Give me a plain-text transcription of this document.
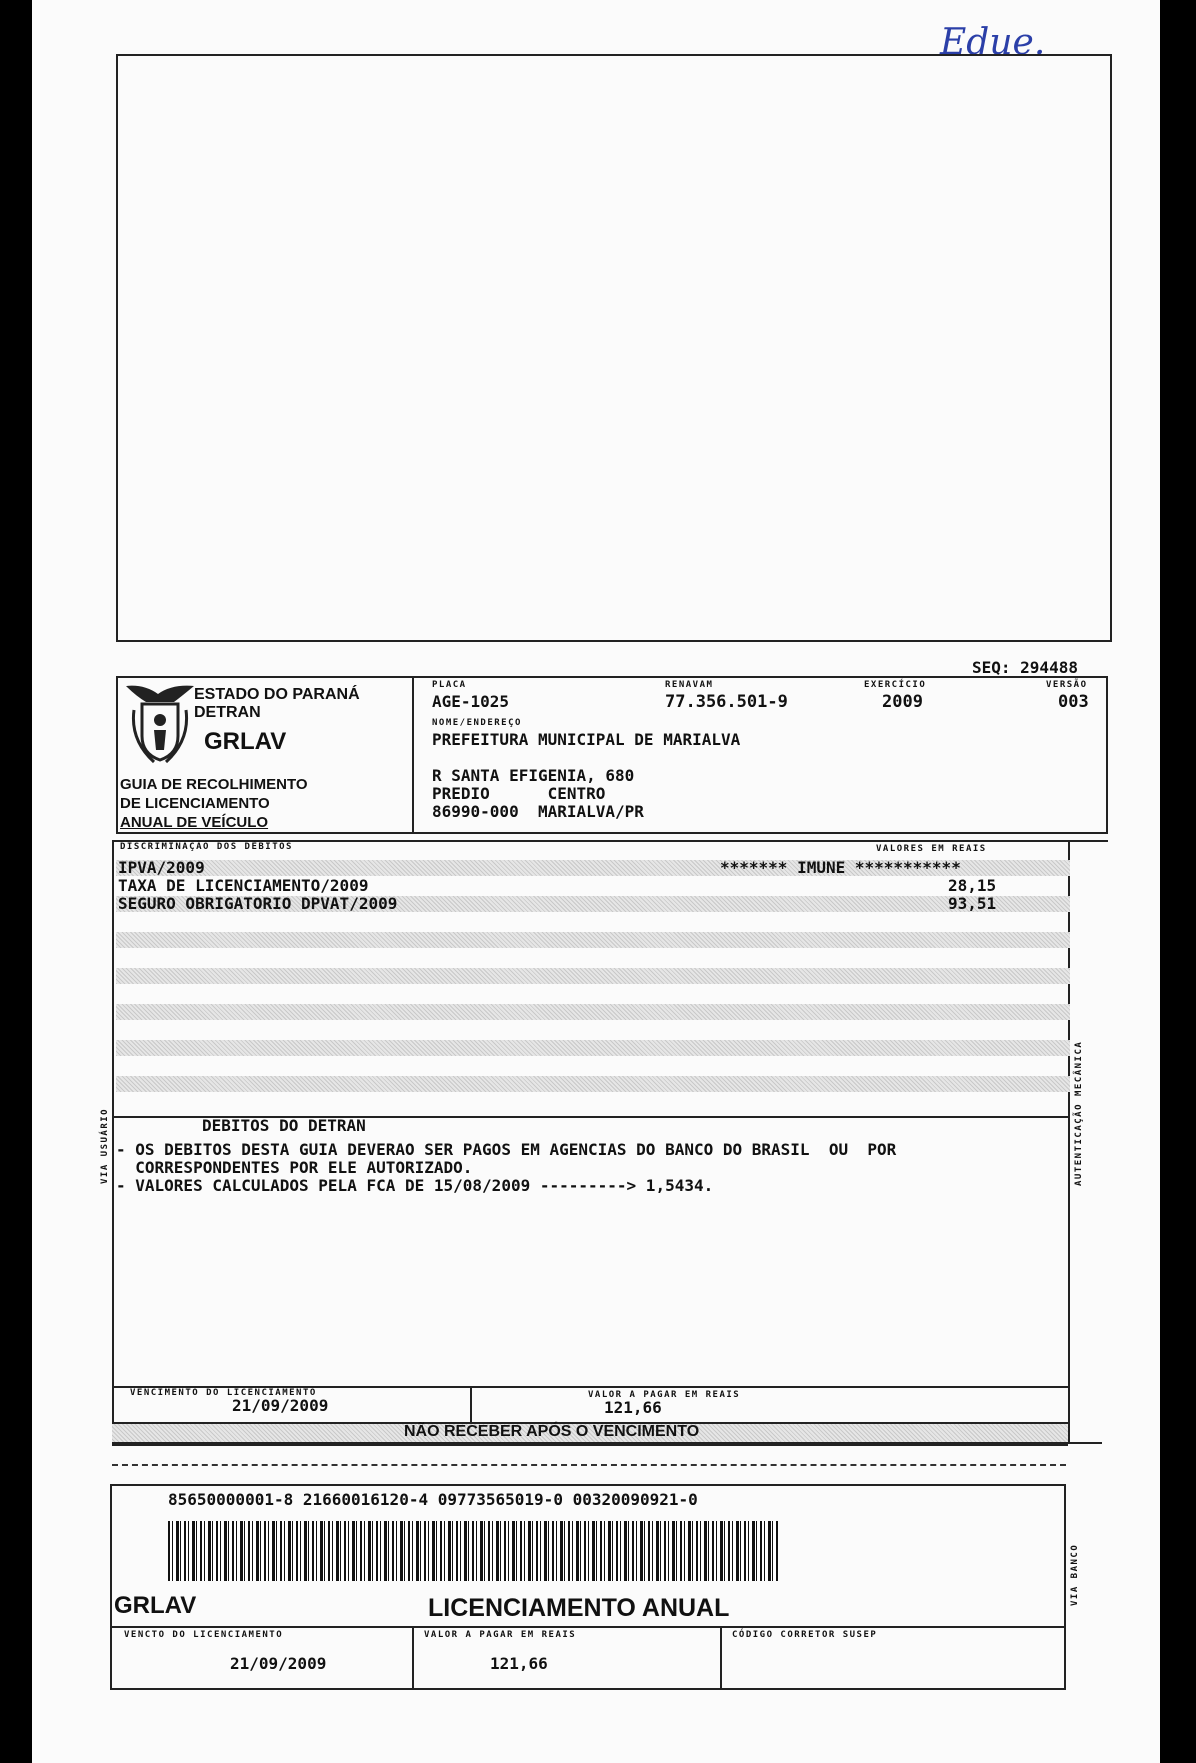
Edue.
SEQ: 294488
ESTADO DO PARANÁ
DETRAN
GRLAV
GUIA DE RECOLHIMENTO
DE LICENCIAMENTO
ANUAL DE VEÍCULO
PLACA
AGE-1025
RENAVAM
77.356.501-9
EXERCÍCIO
2009
VERSÃO
003
NOME/ENDEREÇO
PREFEITURA MUNICIPAL DE MARIALVA
R SANTA EFIGENIA, 680
PREDIO      CENTRO
86990-000  MARIALVA/PR
DISCRIMINAÇÃO DOS DÉBITOS	VALORES EM REAIS
IPVA/2009	******* IMUNE ***********
TAXA DE LICENCIAMENTO/2009	28,15
SEGURO OBRIGATORIO DPVAT/2009	93,51
DEBITOS DO DETRAN
- OS DEBITOS DESTA GUIA DEVERAO SER PAGOS EM AGENCIAS DO BANCO DO BRASIL  OU  POR
CORRESPONDENTES POR ELE AUTORIZADO.
- VALORES CALCULADOS PELA FCA DE 15/08/2009 ---------> 1,5434.
VIA USUÁRIO	AUTENTICAÇÃO MECÂNICA
VENCIMENTO DO LICENCIAMENTO
21/09/2009
VALOR A PAGAR EM REAIS
121,66
NÃO RECEBER APÓS O VENCIMENTO
85650000001-8 21660016120-4 09773565019-0 00320090921-0
VIA BANCO
GRLAV	LICENCIAMENTO ANUAL
VENCTO DO LICENCIAMENTO
21/09/2009
VALOR A PAGAR EM REAIS
121,66
CÓDIGO CORRETOR SUSEP
